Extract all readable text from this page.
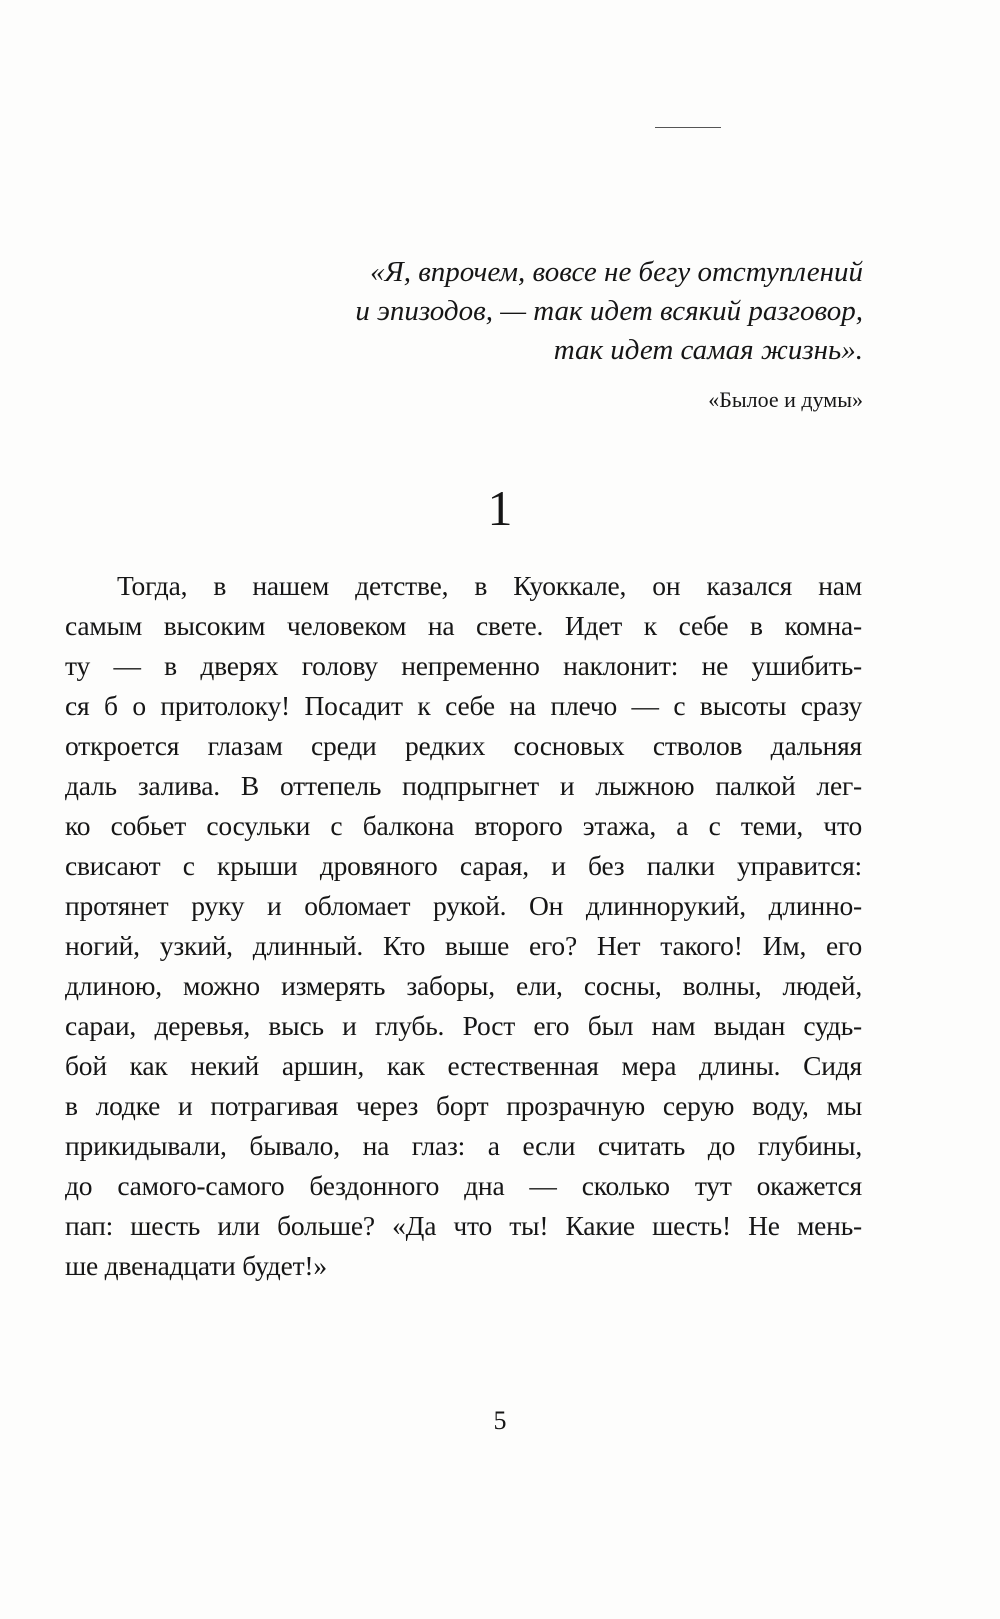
«Я, впрочем, вовсе не бегу отступлений
и эпизодов, — так идет всякий разговор,
так идет самая жизнь».
«Былое и думы»
1
Тогда, в нашем детстве, в Куоккале, он казался нам
самым высоким человеком на свете. Идет к себе в комна-
ту — в дверях голову непременно наклонит: не ушибить-
ся б о притолоку! Посадит к себе на плечо — с высоты сразу
откроется глазам среди редких сосновых стволов дальняя
даль залива. В оттепель подпрыгнет и лыжною палкой лег-
ко собьет сосульки с балкона второго этажа, а с теми, что
свисают с крыши дровяного сарая, и без палки управится:
протянет руку и обломает рукой. Он длиннорукий, длинно-
ногий, узкий, длинный. Кто выше его? Нет такого! Им, его
длиною, можно измерять заборы, ели, сосны, волны, людей,
сараи, деревья, высь и глубь. Рост его был нам выдан судь-
бой как некий аршин, как естественная мера длины. Сидя
в лодке и потрагивая через борт прозрачную серую воду, мы
прикидывали, бывало, на глаз: а если считать до глубины,
до самого-самого бездонного дна — сколько тут окажется
пап: шесть или больше? «Да что ты! Какие шесть! Не мень-
ше двенадцати будет!»
5
